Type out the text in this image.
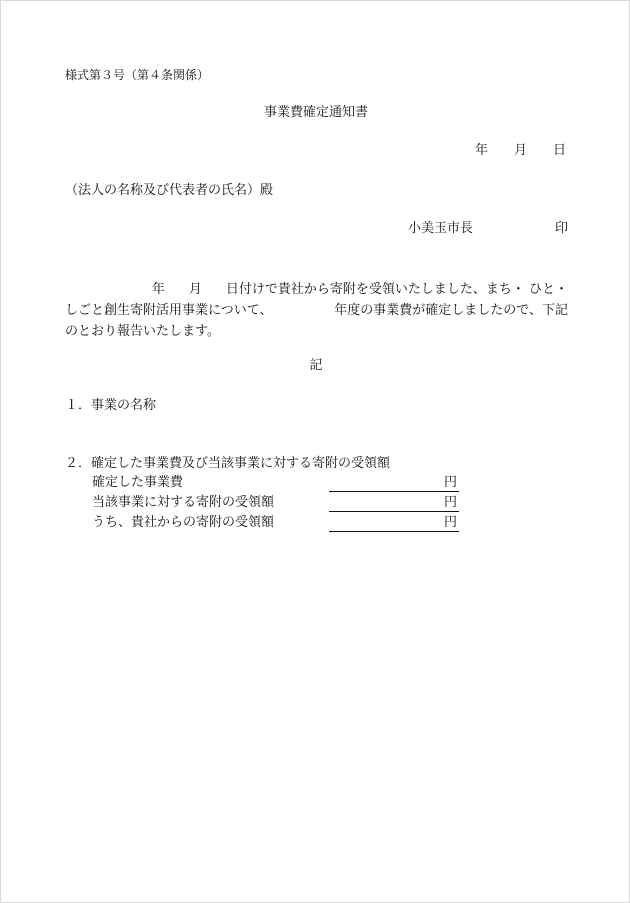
様式第３号（第４条関係）
事業費確定通知書
年 月 日
（法人の名称及び代表者の氏名）殿
小美玉市長	印
年 月 日付けで貴社から寄附を受領いたしました、まち・ ひと・
しごと創生寄附活用事業について、	年度の事業費が確定しましたので、下記
のとおり報告いたします。
記
１．事業の名称
２．確定した事業費及び当該事業に対する寄附の受領額
確定した事業費	円
当該事業に対する寄附の受領額	円
うち、貴社からの寄附の受領額	円
